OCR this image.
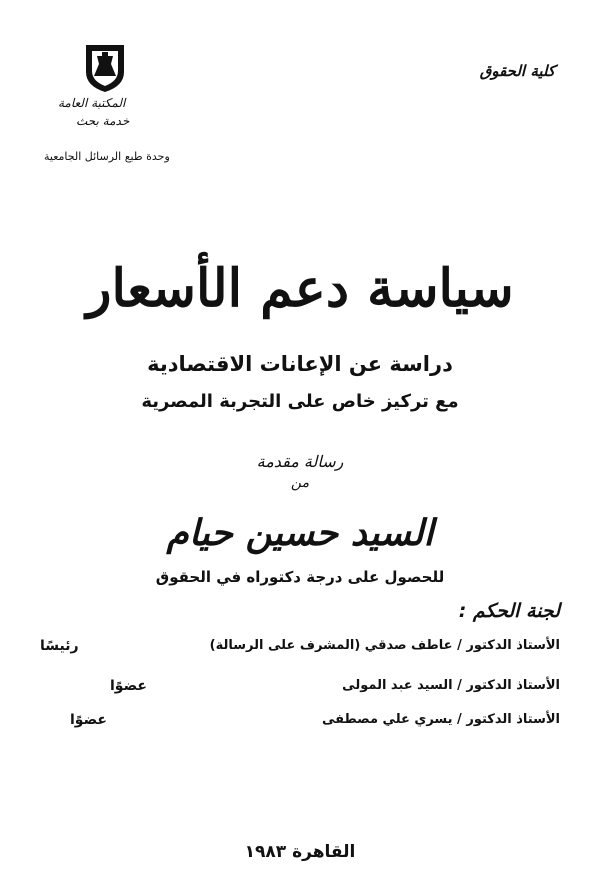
كلية الحقوق
المكتبة العامة
خدمة بحث
وحدة طبع الرسائل الجامعية
سياسة دعم الأسعار
دراسة عن الإعانات الاقتصادية
مع تركيز خاص على التجربة المصرية
رسالة مقدمة
من
السيد حسين حيام
للحصول على درجة دكتوراه في الحقوق
لجنة الحكم :
الأستاذ الدكتور / عاطف صدقي (المشرف على الرسالة)
رئيسًا
الأستاذ الدكتور / السيد عبد المولى
عضوًا
الأستاذ الدكتور / يسري علي مصطفى
عضوًا
القاهرة ١٩٨٣
